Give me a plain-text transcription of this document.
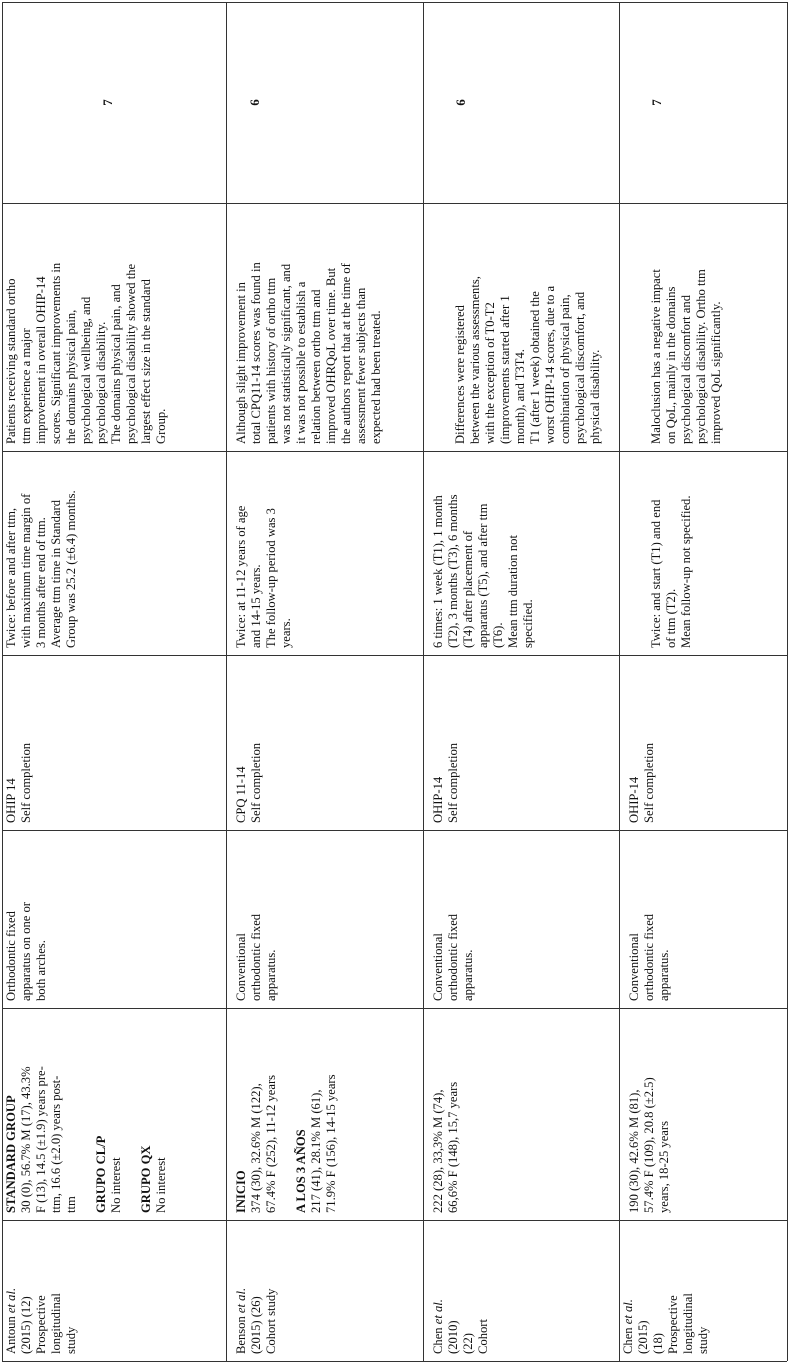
Antoun et al. (2015) (12) Prospective longitudinal study
STANDARD GROUP 30 (0), 56.7% M (17), 43.3% F (13), 14.5 (±1.9) years pre- ttm, 16.6 (±2.0) years post- ttm GRUPO CL/P No interest GRUPO QX No interest
Orthodontic fixed apparatus on one or both arches.
OHIP 14 Self completion
Twice: before and after ttm, with maximum time margin of 3 months after end of ttm. Average ttm time in Standard Group was 25.2 (±6.4) months.
Patients receiving standard ortho ttm experience a major improvement in overall OHIP-14 scores. Significant improvements in the domains physical pain, psychological wellbeing, and psychological disability. The domains physical pain, and psychological disability showed the largest effect size in the standard Group.
7
Benson et al. (2015) (26) Cohort study
INICIO 374 (30), 32.6% M (122), 67.4% F (252), 11-12 years A LOS 3 AÑOS 217 (41), 28.1% M (61), 71.9% F (156), 14-15 years
Conventional orthodontic fixed apparatus.
CPQ 11-14 Self completion
Twice: at 11-12 years of age and 14-15 years. The follow-up period was 3 years.
Although slight improvement in total CPQ11-14 scores was found in patients with history of ortho ttm was not statistically significant, and it was not possible to establish a relation between ortho ttm and improved OHRQoL over time. But the authors report that at the time of assessment fewer subjects than expected had been treated.
6
Chen et al.
(2010) (22) Cohort
222 (28), 33,3% M (74), 66,6% F (148), 15,7 years
Conventional orthodontic fixed apparatus.
OHIP-14 Self completion
6 times: 1 week (T1), 1 month (T2), 3 months (T3), 6 months (T4) after placement of apparatus (T5), and after ttm (T6). Mean ttm duration not specified.
Differences were registered between the various assessments, with the exception of T0-T2 (improvements started after 1 month), and T3T4. T1 (after 1 week) obtained the worst OHIP-14 scores, due to a combination of physical pain, psychological discomfort, and physical disability.
6
Chen et al.
(2015) (18) Prospective longitudinal study
190 (30), 42.6% M (81), 57.4% F (109), 20.8 (±2.5) years, 18-25 years
Conventional orthodontic fixed apparatus.
OHIP-14 Self completion
Twice: and start (T1) and end of ttm (T2). Mean follow-up not specified.
Maloclusion has a negative impact on QoL, mainly in the domains psychological discomfort and psychological disability. Ortho ttm improved QoL significantly.
7
